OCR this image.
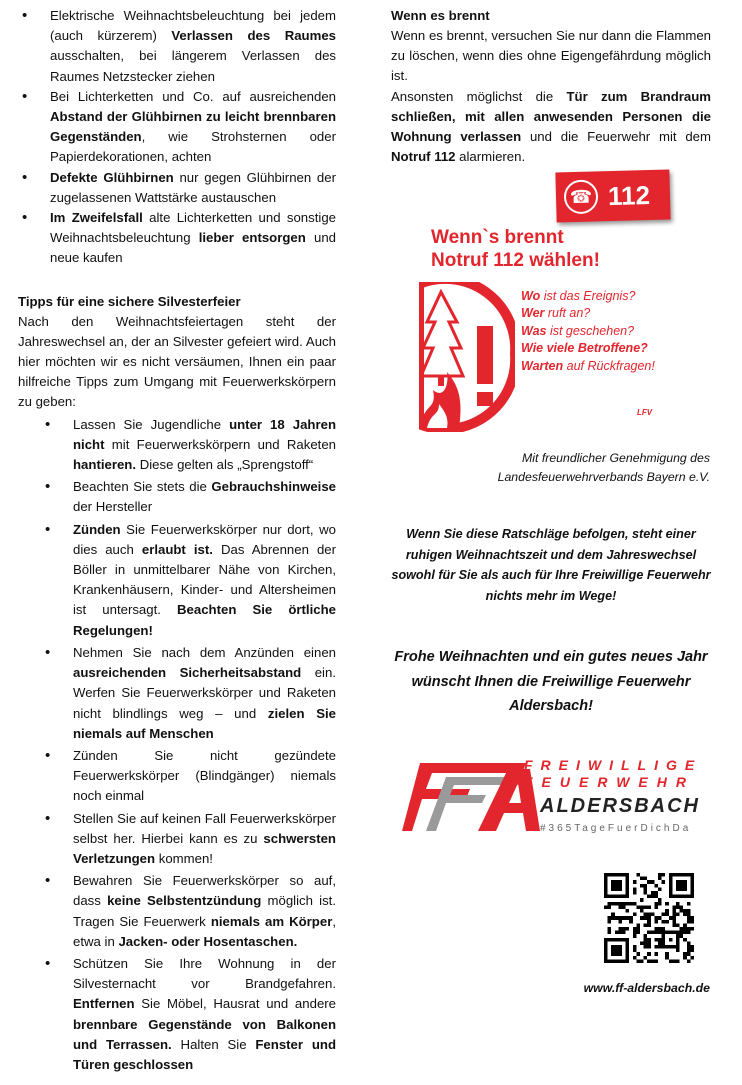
• Elektrische Weihnachtsbeleuchtung bei jedem (auch kürzerem) Verlassen des Raumes ausschalten, bei längerem Verlassen des Raumes Netzstecker ziehen
• Bei Lichterketten und Co. auf ausreichenden Abstand der Glühbirnen zu leicht brennbaren Gegenständen, wie Strohsternen oder Papierdekorationen, achten
• Defekte Glühbirnen nur gegen Glühbirnen der zugelassenen Wattstärke austauschen
• Im Zweifelsfall alte Lichterketten und sonstige Weihnachtsbeleuchtung lieber entsorgen und neue kaufen

Tipps für eine sichere Silvesterfeier

Nach den Weihnachtsfeiertagen steht der Jahreswechsel an, der an Silvester gefeiert wird. Auch hier möchten wir es nicht versäumen, Ihnen ein paar hilfreiche Tipps zum Umgang mit Feuerwerkskörpern zu geben:

• Lassen Sie Jugendliche unter 18 Jahren nicht mit Feuerwerkskörpern und Raketen hantieren. Diese gelten als „Sprengstoff“
• Beachten Sie stets die Gebrauchshinweise der Hersteller
• Zünden Sie Feuerwerkskörper nur dort, wo dies auch erlaubt ist. Das Abrennen der Böller in unmittelbarer Nähe von Kirchen, Krankenhäusern, Kinder- und Altersheimen ist untersagt. Beachten Sie örtliche Regelungen!
• Nehmen Sie nach dem Anzünden einen ausreichenden Sicherheitsabstand ein. Werfen Sie Feuerwerkskörper und Raketen nicht blindlings weg – und zielen Sie niemals auf Menschen
• Zünden Sie nicht gezündete Feuerwerkskörper (Blindgänger) niemals noch einmal
• Stellen Sie auf keinen Fall Feuerwerkskörper selbst her. Hierbei kann es zu schwersten Verletzungen kommen!
• Bewahren Sie Feuerwerkskörper so auf, dass keine Selbstentzündung möglich ist. Tragen Sie Feuerwerk niemals am Körper, etwa in Jacken- oder Hosentaschen.
• Schützen Sie Ihre Wohnung in der Silvesternacht vor Brandgefahren. Entfernen Sie Möbel, Hausrat und andere brennbare Gegenstände von Balkonen und Terrassen. Halten Sie Fenster und Türen geschlossen

Wenn es brennt

Wenn es brennt, versuchen Sie nur dann die Flammen zu löschen, wenn dies ohne Eigengefährdung möglich ist.
Ansonsten möglichst die Tür zum Brandraum schließen, mit allen anwesenden Personen die Wohnung verlassen und die Feuerwehr mit dem Notruf 112 alarmieren.

☎ 112
Wenn`s brennt
Notruf 112 wählen!
Wo ist das Ereignis?
Wer ruft an?
Was ist geschehen?
Wie viele Betroffene?
Warten auf Rückfragen!
LFV
Mit freundlicher Genehmigung des
Landesfeuerwehrverbands Bayern e.V.
Wenn Sie diese Ratschläge befolgen, steht einer ruhigen Weihnachtszeit und dem Jahreswechsel sowohl für Sie als auch für Ihre Freiwillige Feuerwehr nichts mehr im Wege!
Frohe Weihnachten und ein gutes neues Jahr wünscht Ihnen die Freiwillige Feuerwehr Aldersbach!
FREIWILLIGE
FEUERWEHR
ALDERSBACH
#365TageFuerDichDa
www.ff-aldersbach.de
